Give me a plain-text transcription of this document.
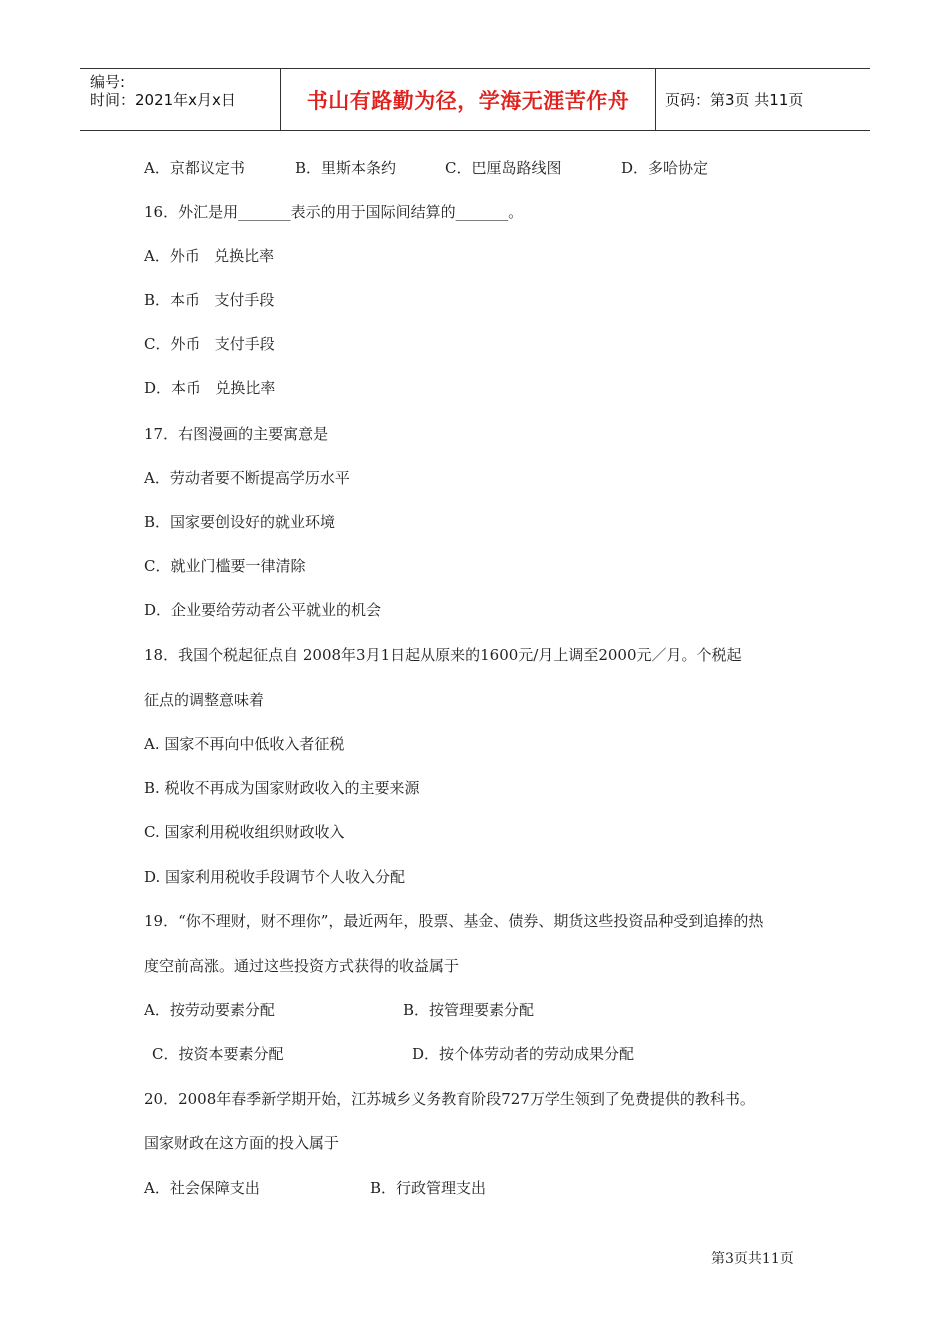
编号:
时间：2021年x月x日	书山有路勤为径，学海无涯苦作舟	页码：第3页 共11页
A．京都议定书	B．里斯本条约	C．巴厘岛路线图	D．多哈协定
16．外汇是用_______表示的用于国际间结算的_______。
A．外币   兑换比率
B．本币   支付手段
C．外币   支付手段
D．本币   兑换比率
17．右图漫画的主要寓意是
A．劳动者要不断提高学历水平
B．国家要创设好的就业环境
C．就业门槛要一律清除
D．企业要给劳动者公平就业的机会
18．我国个税起征点自 2008年3月1日起从原来的1600元/月上调至2000元／月。个税起
征点的调整意味着
A. 国家不再向中低收入者征税
B. 税收不再成为国家财政收入的主要来源
C. 国家利用税收组织财政收入
D. 国家利用税收手段调节个人收入分配
19．“你不理财，财不理你”，最近两年，股票、基金、债券、期货这些投资品种受到追捧的热
度空前高涨。通过这些投资方式获得的收益属于
A．按劳动要素分配	B．按管理要素分配
C．按资本要素分配	D．按个体劳动者的劳动成果分配
20．2008年春季新学期开始，江苏城乡义务教育阶段727万学生领到了免费提供的教科书。
国家财政在这方面的投入属于
A．社会保障支出	B．行政管理支出
第3页共11页
